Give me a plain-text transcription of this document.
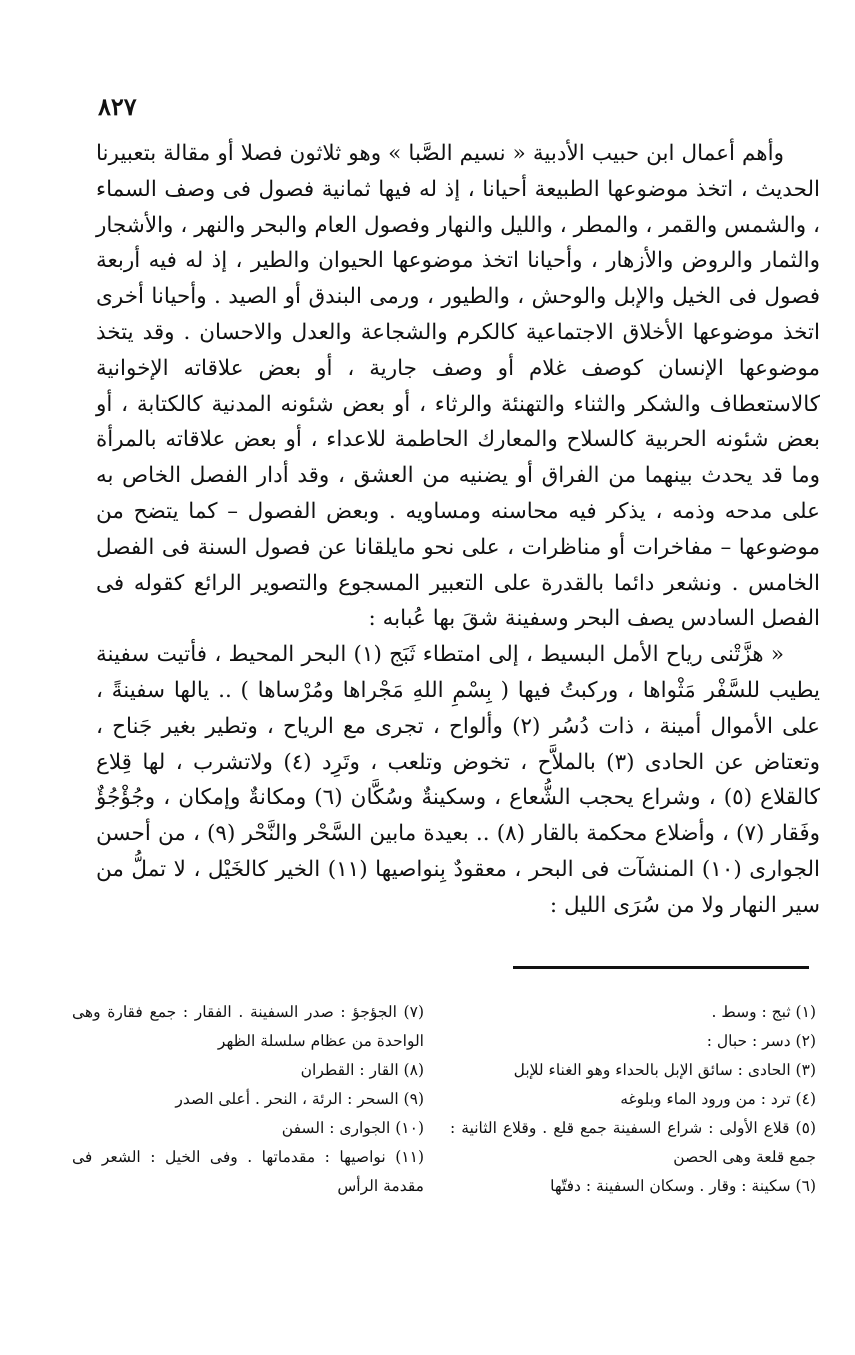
٨٢٧

وأهم أعمال ابن حبيب الأدبية « نسيم الصَّبا » وهو ثلاثون فصلا أو مقالة بتعبيرنا الحديث ، اتخذ موضوعها الطبيعة أحيانا ، إذ له فيها ثمانية فصول فى وصف السماء ، والشمس والقمر ، والمطر ، والليل والنهار وفصول العام والبحر والنهر ، والأشجار والثمار والروض والأزهار ، وأحيانا اتخذ موضوعها الحيوان والطير ، إذ له فيه أربعة فصول فى الخيل والإبل والوحش ، والطيور ، ورمى البندق أو الصيد . وأحيانا أخرى اتخذ موضوعها الأخلاق الاجتماعية كالكرم والشجاعة والعدل والاحسان . وقد يتخذ موضوعها الإنسان كوصف غلام أو وصف جارية ، أو بعض علاقاته الإخوانية كالاستعطاف والشكر والثناء والتهنئة والرثاء ، أو بعض شئونه المدنية كالكتابة ، أو بعض شئونه الحربية كالسلاح والمعارك الحاطمة للاعداء ، أو بعض علاقاته بالمرأة وما قد يحدث بينهما من الفراق أو يضنيه من العشق ، وقد أدار الفصل الخاص به على مدحه وذمه ، يذكر فيه محاسنه ومساويه . وبعض الفصول – كما يتضح من موضوعها – مفاخرات أو مناظرات ، على نحو مايلقانا عن فصول السنة فى الفصل الخامس . ونشعر دائما بالقدرة على التعبير المسجوع والتصوير الرائع كقوله فى الفصل السادس يصف البحر وسفينة شقَ بها عُبابه :

« هزَّتْنى رياح الأمل البسيط ، إلى امتطاء ثَبَج (١) البحر المحيط ، فأتيت سفينة يطيب للسَّفْر مَثْواها ، وركبتُ فيها ( بِسْمِ اللهِ مَجْراها ومُرْساها ) .. يالها سفينةً ، على الأموال أمينة ، ذات دُسُر (٢) وألواح ، تجرى مع الرياح ، وتطير بغير جَناح ، وتعتاض عن الحادى (٣) بالملاَّح ، تخوض وتلعب ، وتَرِد (٤) ولاتشرب ، لها قِلاع كالقلاع (٥) ، وشراع يحجب الشُّعاع ، وسكينةٌ وسُكَّان (٦) ومكانةٌ وإمكان ، وجُؤْجُؤٌ وفَقار (٧) ، وأضلاع محكمة بالقار (٨) .. بعيدة مابين السَّحْر والنَّحْر (٩) ، من أحسن الجوارى (١٠) المنشآت فى البحر ، معقودٌ بِنواصيها (١١) الخير كالخَيْل ، لا تملُّ من سير النهار ولا من سُرَى الليل :

(١) ثبج : وسط .

(٢) دسر : حبال :

(٣) الحادى : سائق الإبل بالحداء وهو الغناء للإبل

(٤) ترد : من ورود الماء وبلوغه

(٥) قلاع الأولى : شراع السفينة جمع قلع . وقلاع الثانية : جمع قلعة وهى الحصن

(٦) سكينة : وقار . وسكان السفينة : دفتّها

(٧) الجؤجؤ : صدر السفينة . الفقار : جمع فقارة وهى الواحدة من عظام سلسلة الظهر

(٨) القار : القطران

(٩) السحر : الرئة ، النحر . أعلى الصدر

(١٠) الجوارى : السفن

(١١) نواصيها : مقدماتها . وفى الخيل : الشعر فى مقدمة الرأس
